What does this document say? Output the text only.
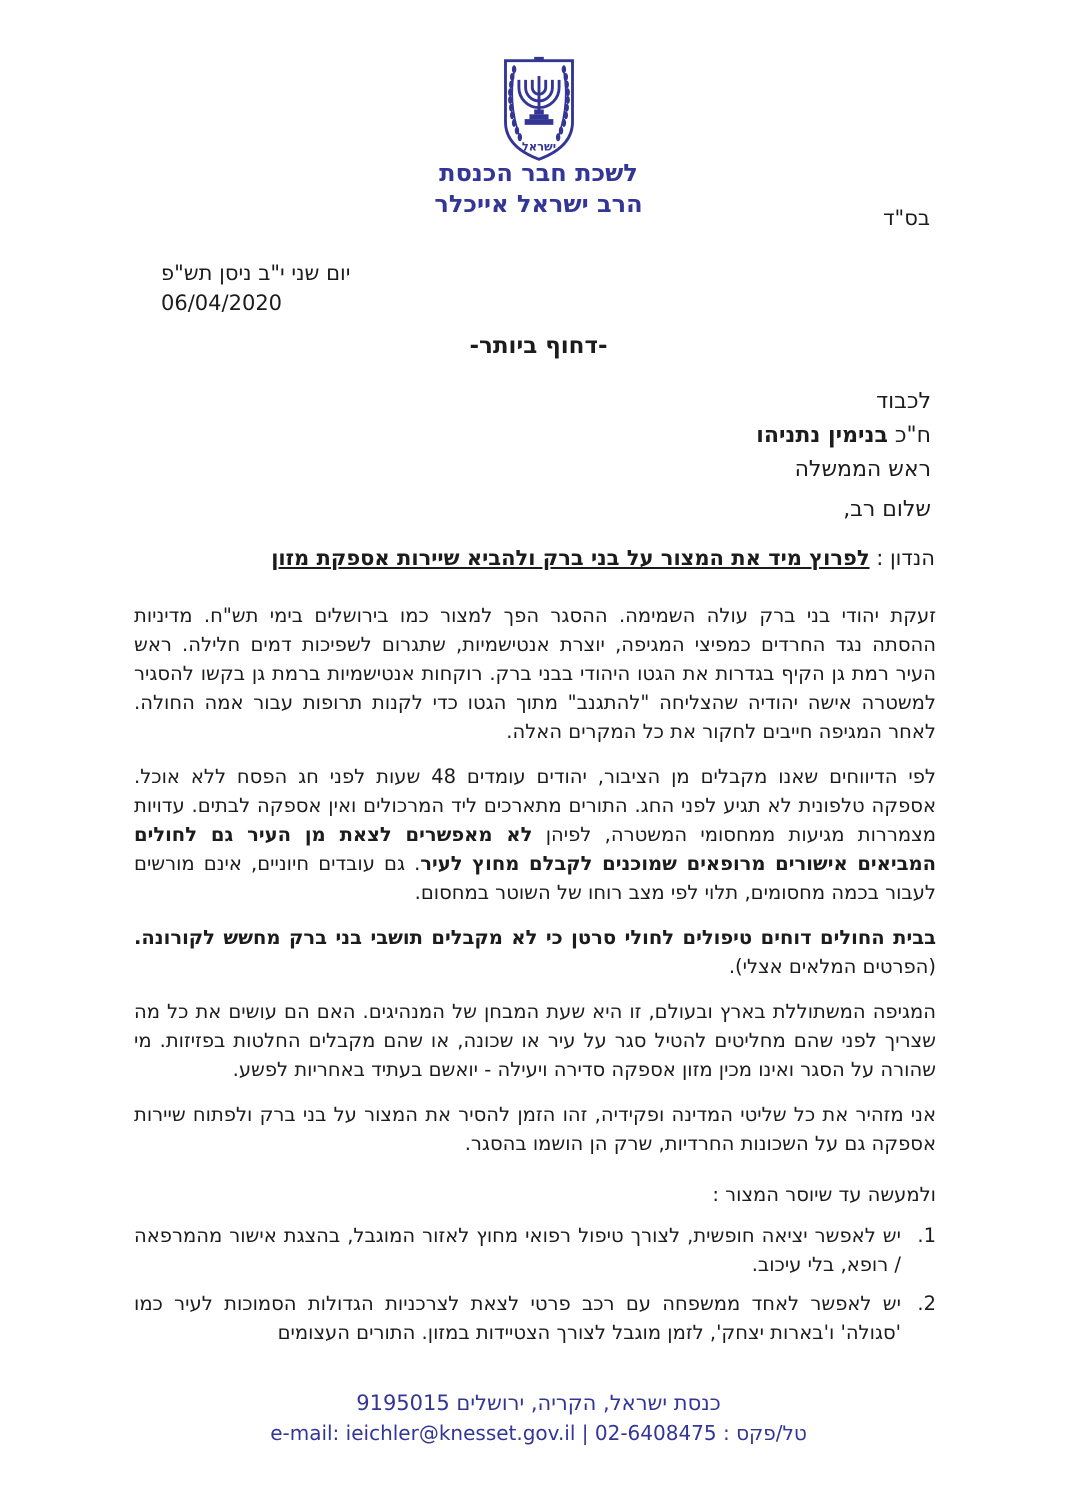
ישראל
לשכת חבר הכנסת
הרב ישראל אייכלר	בס"ד
יום שני י"ב ניסן תש"פ
06/04/2020
-דחוף ביותר-
לכבוד
ח"כ בנימין נתניהו
ראש הממשלה
שלום רב,
הנדון : לפרוץ מיד את המצור על בני ברק ולהביא שיירות אספקת מזון

זעקת יהודי בני ברק עולה השמימה. ההסגר הפך למצור כמו בירושלים בימי תש"ח. מדיניות ההסתה נגד החרדים כמפיצי המגיפה, יוצרת אנטישמיות, שתגרום לשפיכות דמים חלילה. ראש העיר רמת גן הקיף בגדרות את הגטו היהודי בבני ברק. רוקחות אנטישמיות ברמת גן בקשו להסגיר למשטרה אישה יהודיה שהצליחה "להתגנב" מתוך הגטו כדי לקנות תרופות עבור אמה החולה. לאחר המגיפה חייבים לחקור את כל המקרים האלה.

לפי הדיווחים שאנו מקבלים מן הציבור, יהודים עומדים 48 שעות לפני חג הפסח ללא אוכל. אספקה טלפונית לא תגיע לפני החג. התורים מתארכים ליד המרכולים ואין אספקה לבתים. עדויות מצמררות מגיעות ממחסומי המשטרה, לפיהן לא מאפשרים לצאת מן העיר גם לחולים המביאים אישורים מרופאים שמוכנים לקבלם מחוץ לעיר. גם עובדים חיוניים, אינם מורשים לעבור בכמה מחסומים, תלוי לפי מצב רוחו של השוטר במחסום.

בבית החולים דוחים טיפולים לחולי סרטן כי לא מקבלים תושבי בני ברק מחשש לקורונה. (הפרטים המלאים אצלי).

המגיפה המשתוללת בארץ ובעולם, זו היא שעת המבחן של המנהיגים. האם הם עושים את כל מה שצריך לפני שהם מחליטים להטיל סגר על עיר או שכונה, או שהם מקבלים החלטות בפזיזות. מי שהורה על הסגר ואינו מכין מזון אספקה סדירה ויעילה - יואשם בעתיד באחריות לפשע.

אני מזהיר את כל שליטי המדינה ופקידיה, זהו הזמן להסיר את המצור על בני ברק ולפתוח שיירות אספקה גם על השכונות החרדיות, שרק הן הושמו בהסגר.

ולמעשה עד שיוסר המצור :

1.
יש לאפשר יציאה חופשית, לצורך טיפול רפואי מחוץ לאזור המוגבל, בהצגת אישור מהמרפאה / רופא, בלי עיכוב.
2.
יש לאפשר לאחד ממשפחה עם רכב פרטי לצאת לצרכניות הגדולות הסמוכות לעיר כמו 'סגולה' ו'בארות יצחק', לזמן מוגבל לצורך הצטיידות במזון. התורים העצומים
כנסת ישראל, הקריה, ירושלים 9195015
e-mail: ieichler@knesset.gov.il | 02-6408475 : טל/פקס
